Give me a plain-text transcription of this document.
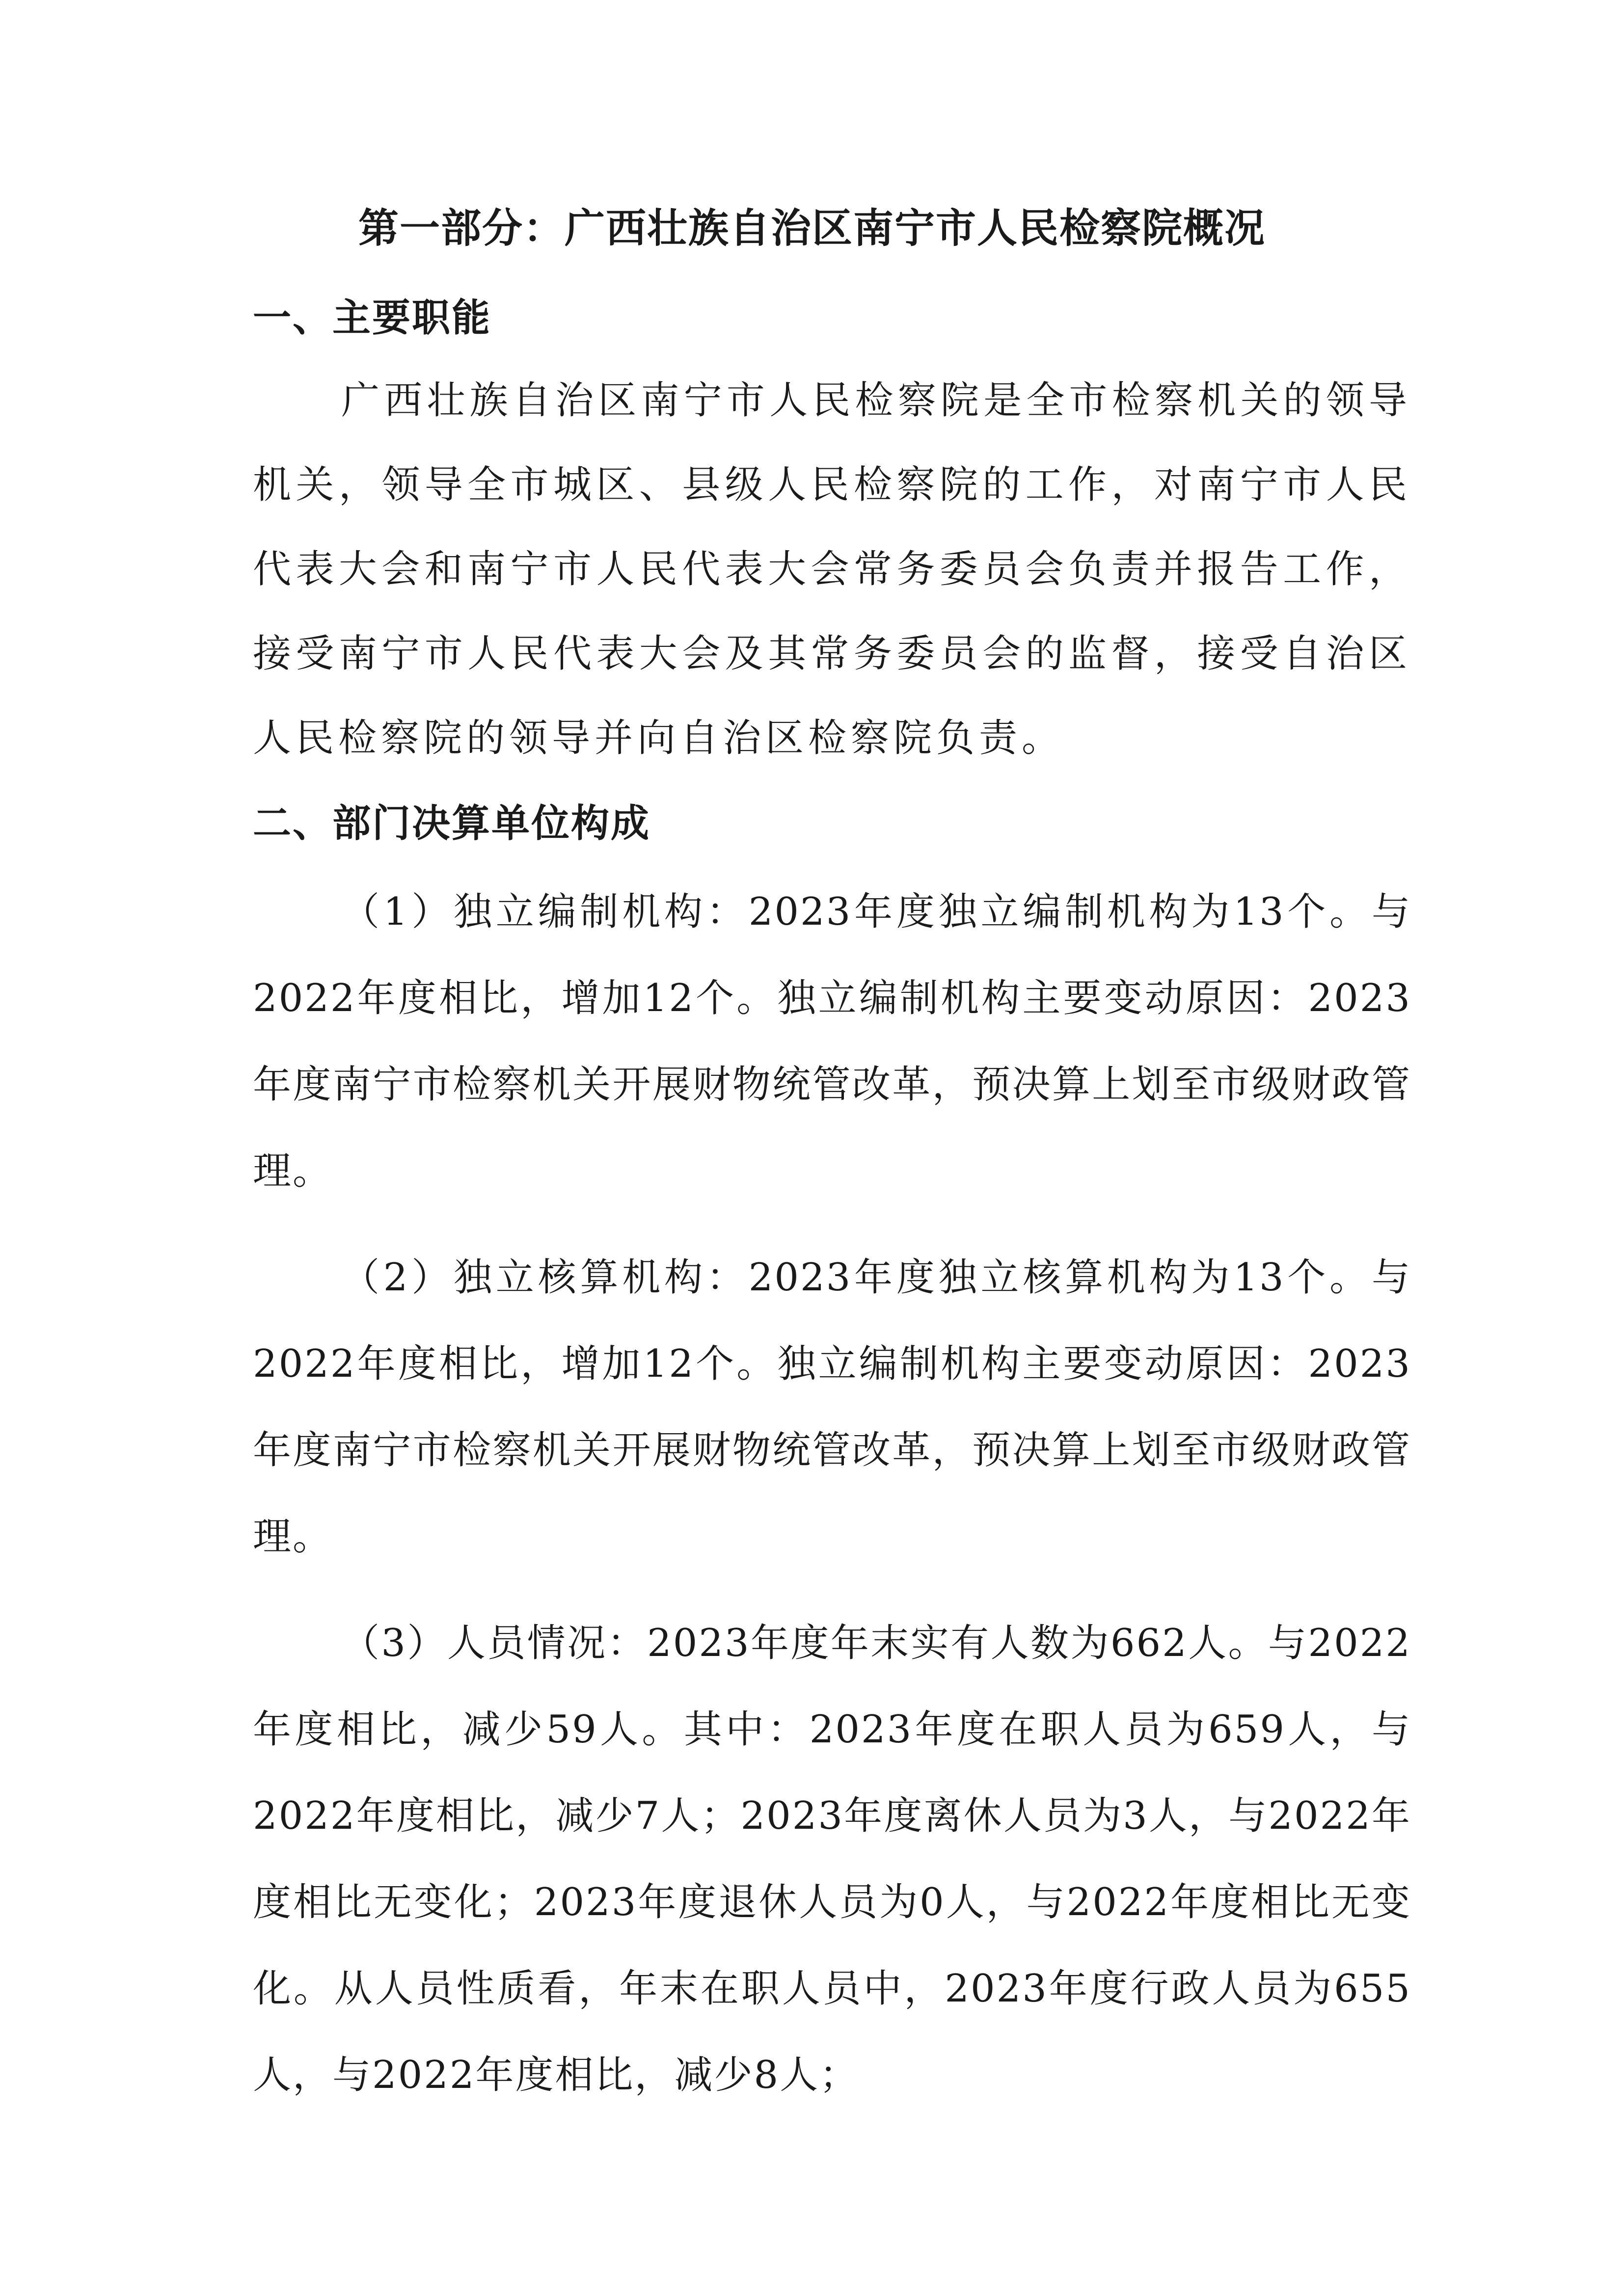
第一部分：广西壮族自治区南宁市人民检察院概况
一、主要职能

广西壮族自治区南宁市人民检察院是全市检察机关的领导机关，领导全市城区、县级人民检察院的工作，对南宁市人民代表大会和南宁市人民代表大会常务委员会负责并报告工作，接受南宁市人民代表大会及其常务委员会的监督，接受自治区人民检察院的领导并向自治区检察院负责。

二、部门决算单位构成

（1）独立编制机构：2023年度独立编制机构为13个。与2022年度相比，增加12个。独立编制机构主要变动原因：2023年度南宁市检察机关开展财物统管改革，预决算上划至市级财政管理。

（2）独立核算机构：2023年度独立核算机构为13个。与2022年度相比，增加12个。独立编制机构主要变动原因：2023年度南宁市检察机关开展财物统管改革，预决算上划至市级财政管理。

（3）人员情况：2023年度年末实有人数为662人。与2022年度相比，减少59人。其中：2023年度在职人员为659人，与2022年度相比，减少7人；2023年度离休人员为3人，与2022年度相比无变化；2023年度退休人员为0人，与2022年度相比无变化。从人员性质看，年末在职人员中，2023年度行政人员为655人，与2022年度相比，减少8人；
